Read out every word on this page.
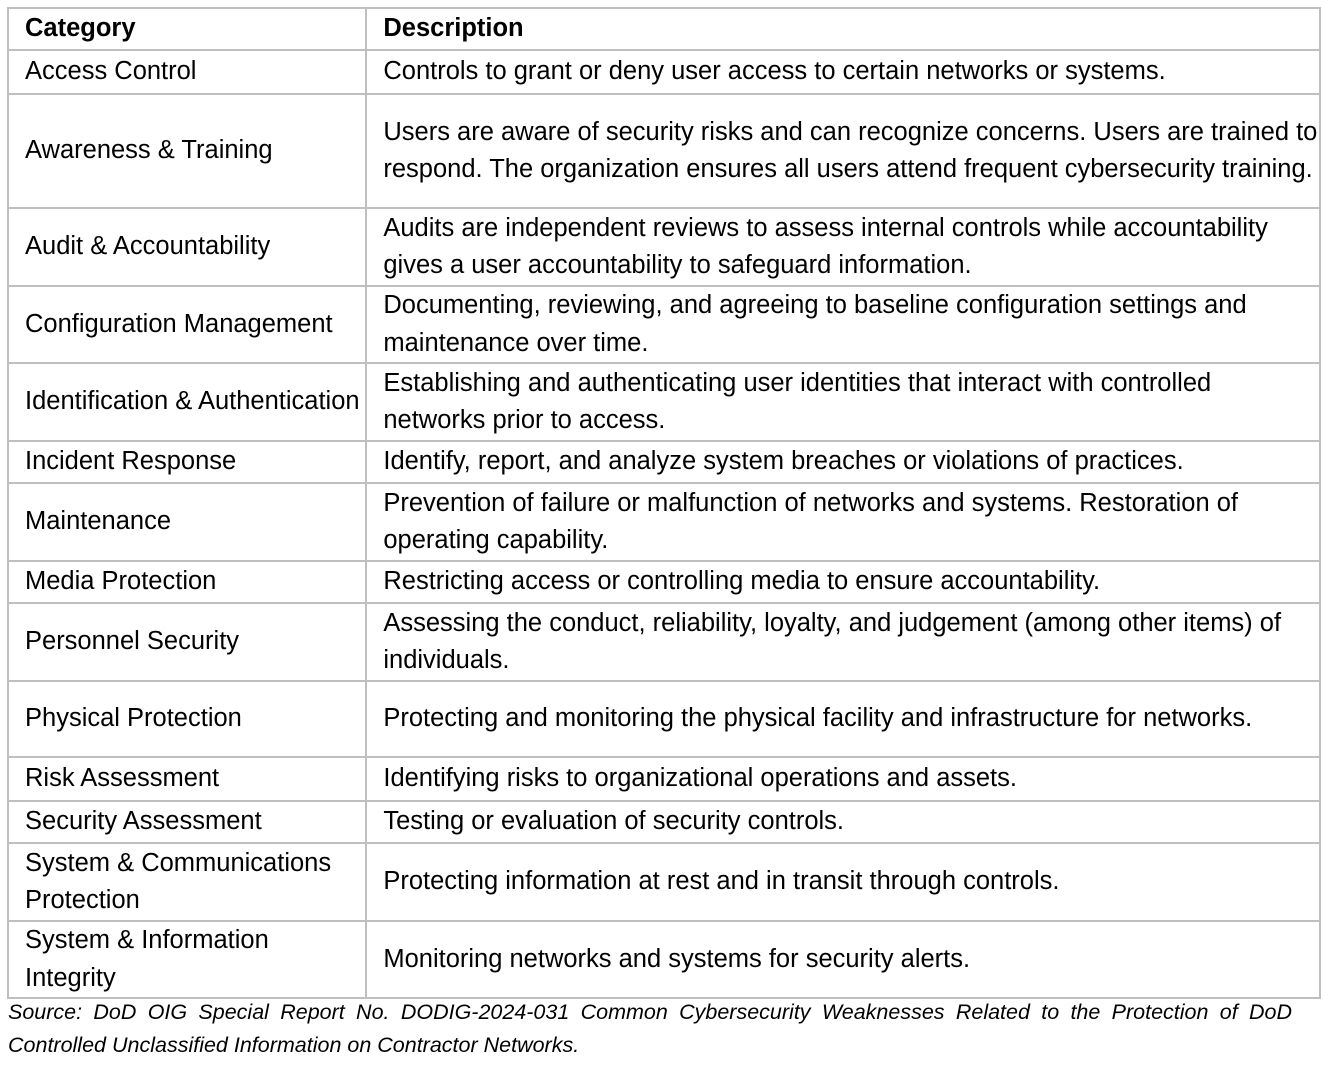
Category	Description
Access Control	Controls to grant or deny user access to certain networks or systems.
Awareness & Training	Users are aware of security risks and can recognize concerns. Users are trained to respond. The organization ensures all users attend frequent cybersecurity training.
Audit & Accountability	Audits are independent reviews to assess internal controls while accountability gives a user accountability to safeguard information.
Configuration Management	Documenting, reviewing, and agreeing to baseline configuration settings and maintenance over time.
Identification & Authentication	Establishing and authenticating user identities that interact with controlled networks prior to access.
Incident Response	Identify, report, and analyze system breaches or violations of practices.
Maintenance	Prevention of failure or malfunction of networks and systems. Restoration of operating capability.
Media Protection	Restricting access or controlling media to ensure accountability.
Personnel Security	Assessing the conduct, reliability, loyalty, and judgement (among other items) of individuals.
Physical Protection	Protecting and monitoring the physical facility and infrastructure for networks.
Risk Assessment	Identifying risks to organizational operations and assets.
Security Assessment	Testing or evaluation of security controls.
System & Communications Protection	Protecting information at rest and in transit through controls.
System & Information Integrity	Monitoring networks and systems for security alerts.
Source: DoD OIG Special Report No. DODIG-2024-031 Common Cybersecurity Weaknesses Related to the Protection of DoD Controlled Unclassified Information on Contractor Networks.
